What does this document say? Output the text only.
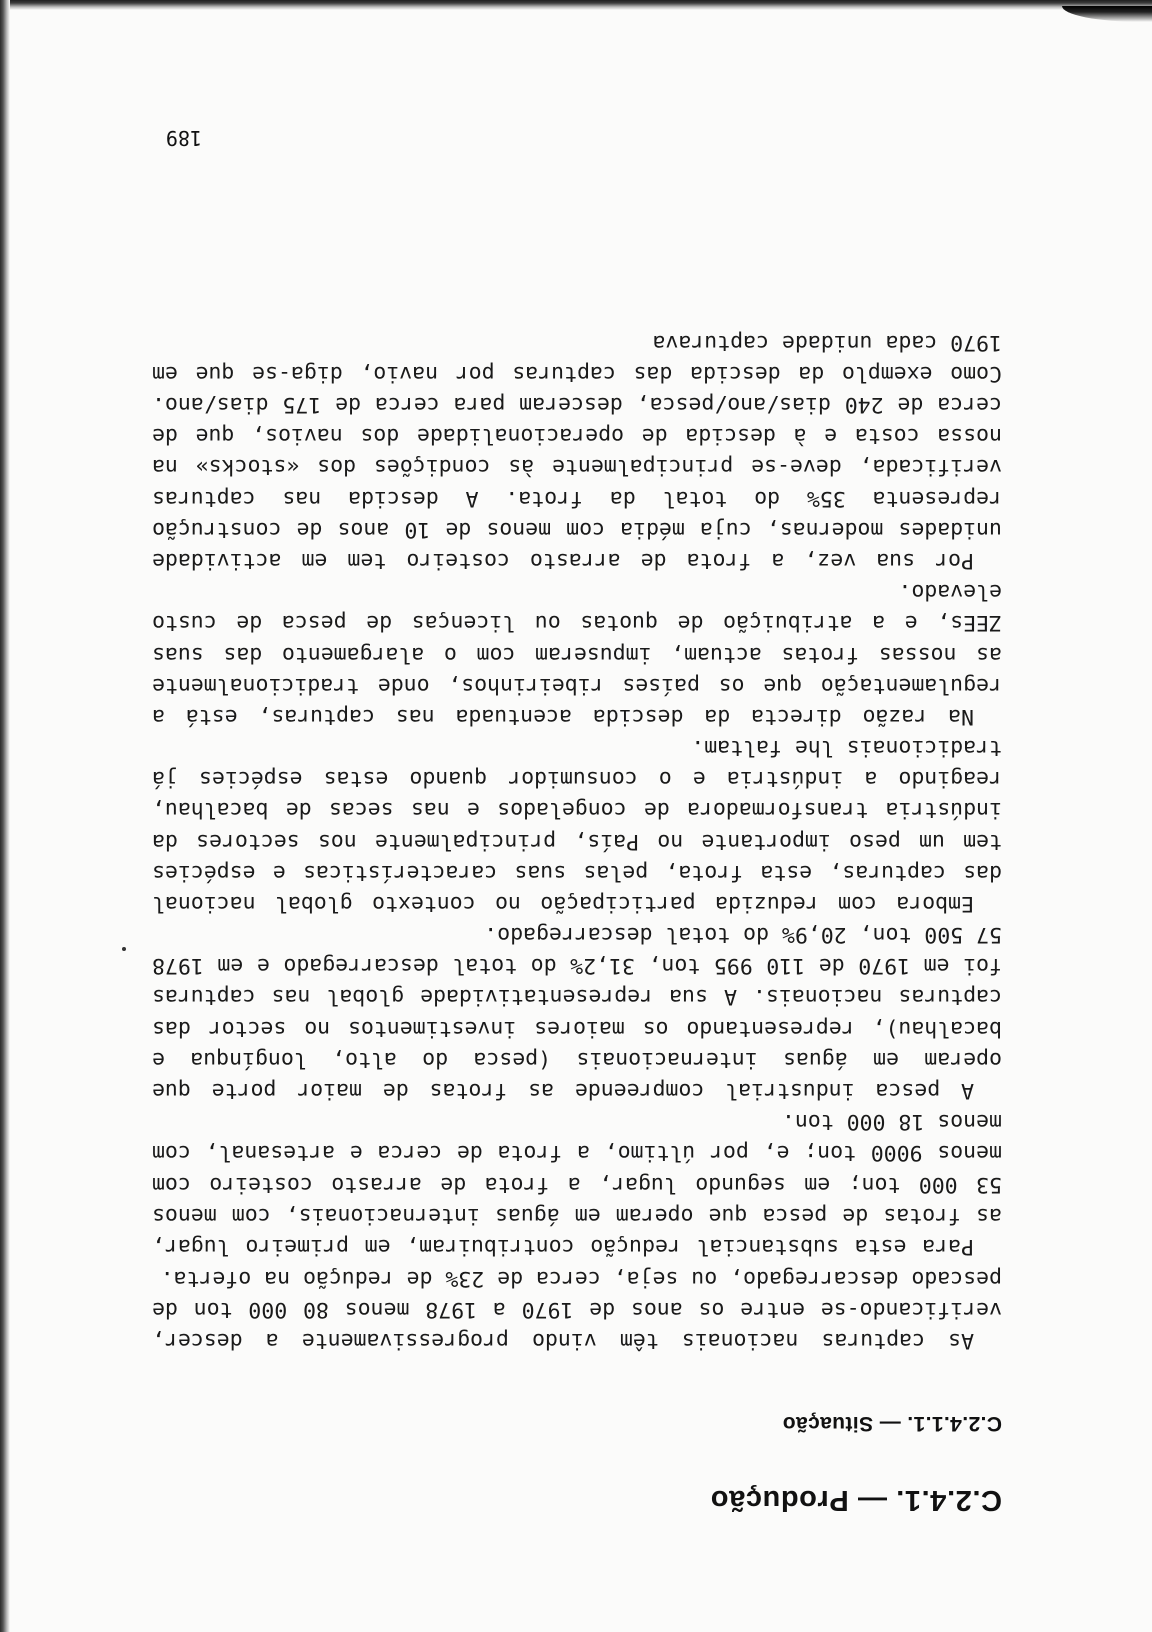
C.2.4.1. — Produção
C.2.4.1.1. — Situação

As capturas nacionais têm vindo progressivamente a descer, verificando-se entre os anos de 1970 a 1978 menos 80 000 ton de pescado descarregado, ou seja, cerca de 23% de redução na oferta.

Para esta substancial redução contribuiram, em primeiro lugar, as frotas de pesca que operam em águas internacionais, com menos 53 000 ton; em segundo lugar, a frota de arrasto costeiro com menos 9000 ton; e, por último, a frota de cerca e artesanal, com menos 18 000 ton.

A pesca industrial compreende as frotas de maior porte que operam em águas internacionais (pesca do alto, longínqua e bacalhau), representando os maiores investimentos no sector das capturas nacionais. A sua representatividade global nas capturas foi em 1970 de 110 995 ton, 31,2% do total descarregado e em 1978 57 500 ton, 20,9% do total descarregado.

Embora com reduzida participação no contexto global nacional das capturas, esta frota, pelas suas características e espécies tem um peso importante no País, principalmente nos sectores da indústria transformadora de congelados e nas secas de bacalhau, reagindo a indústria e o consumidor quando estas espécies já tradicionais lhe faltam.

Na razão directa da descida acentuada nas capturas, está a regulamentação que os países ribeirinhos, onde tradicionalmente as nossas frotas actuam, impuseram com o alargamento das suas ZEEs, e a atribuição de quotas ou licenças de pesca de custo elevado.

Por sua vez, a frota de arrasto costeiro tem em actividade unidades modernas, cuja média com menos de 10 anos de construção representa 35% do total da frota. A descida nas capturas verificada, deve-se principalmente às condições dos «stocks» na nossa costa e à descida de operacionalidade dos navios, que de cerca de 240 dias/ano/pesca, desceram para cerca de 175 dias/ano. Como exemplo da descida das capturas por navio, diga-se que em 1970 cada unidade capturava

189
